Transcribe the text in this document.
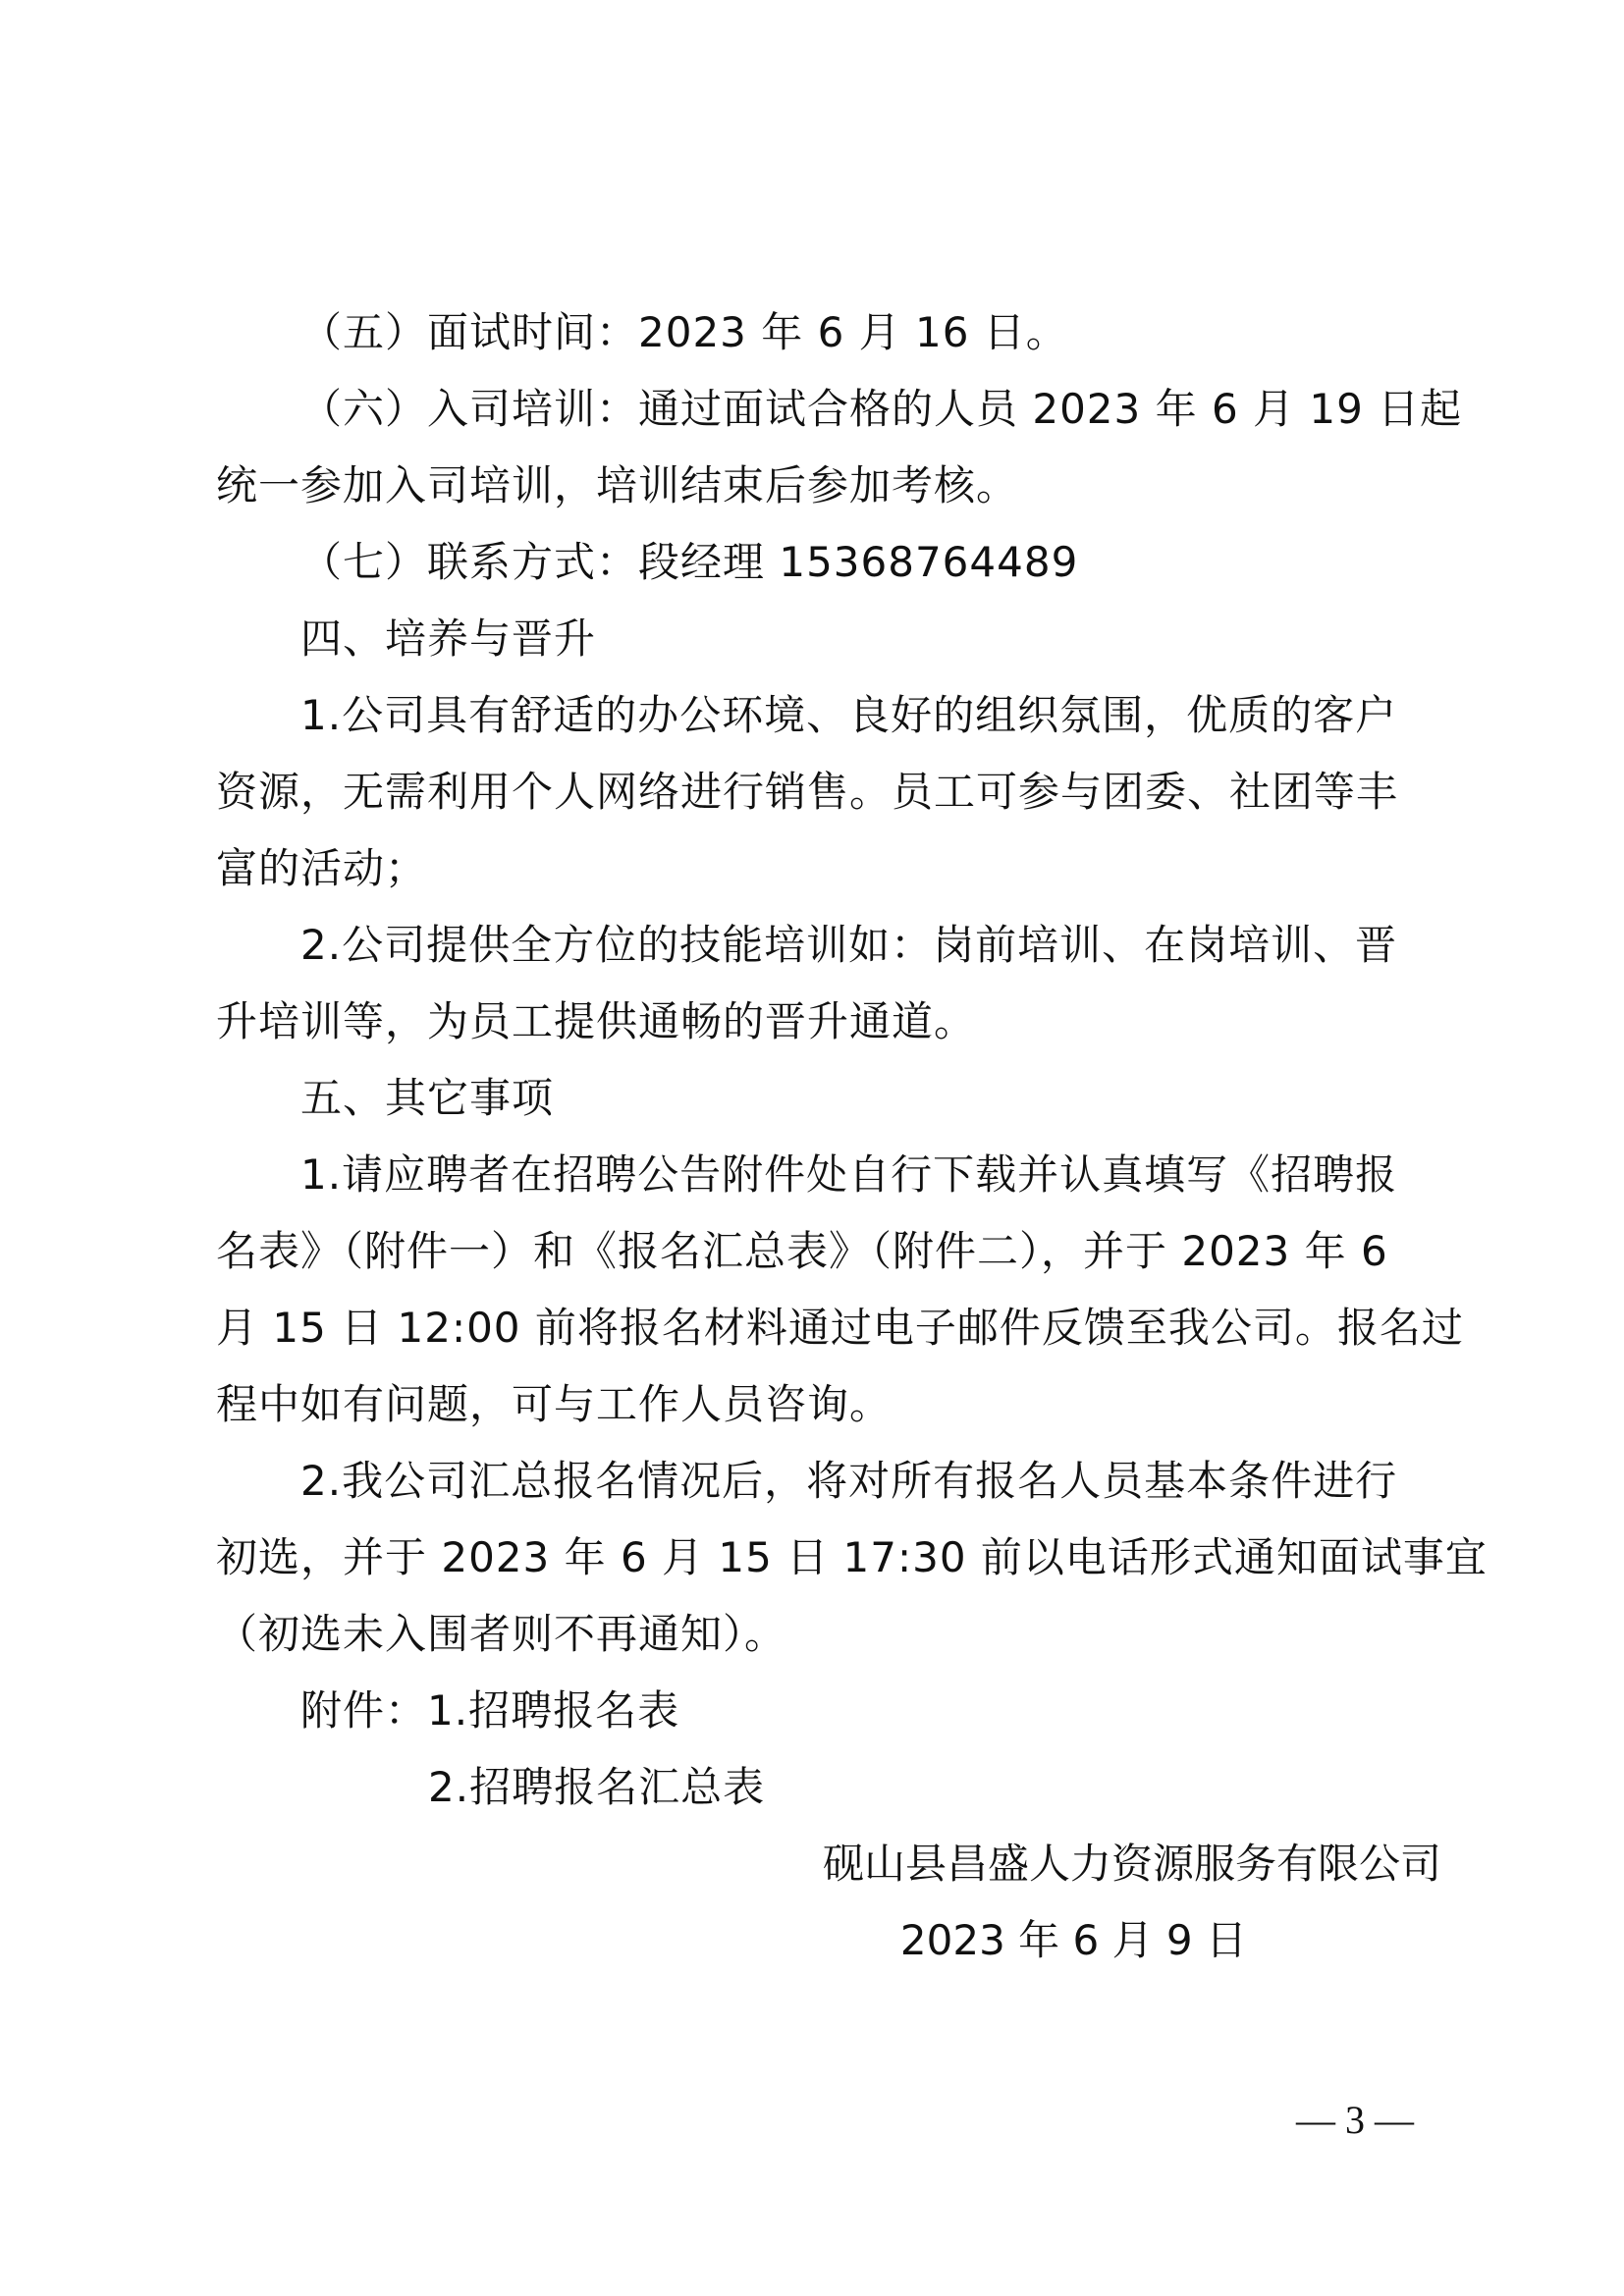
（五）面试时间：2023 年 6 月 16 日。
（六）入司培训：通过面试合格的人员 2023 年 6 月 19 日起
统一参加入司培训，培训结束后参加考核。
（七）联系方式：段经理 15368764489
四、培养与晋升
1.公司具有舒适的办公环境、良好的组织氛围，优质的客户
资源，无需利用个人网络进行销售。员工可参与团委、社团等丰
富的活动；
2.公司提供全方位的技能培训如：岗前培训、在岗培训、晋
升培训等，为员工提供通畅的晋升通道。
五、其它事项
1.请应聘者在招聘公告附件处自行下载并认真填写《招聘报
名表》（附件一）和《报名汇总表》（附件二），并于 2023 年 6
月 15 日 12:00 前将报名材料通过电子邮件反馈至我公司。报名过
程中如有问题，可与工作人员咨询。
2.我公司汇总报名情况后，将对所有报名人员基本条件进行
初选，并于 2023 年 6 月 15 日 17:30 前以电话形式通知面试事宜
（初选未入围者则不再通知）。
附件：1.招聘报名表
2.招聘报名汇总表
砚山县昌盛人力资源服务有限公司
2023 年 6 月 9 日
— 3 —
